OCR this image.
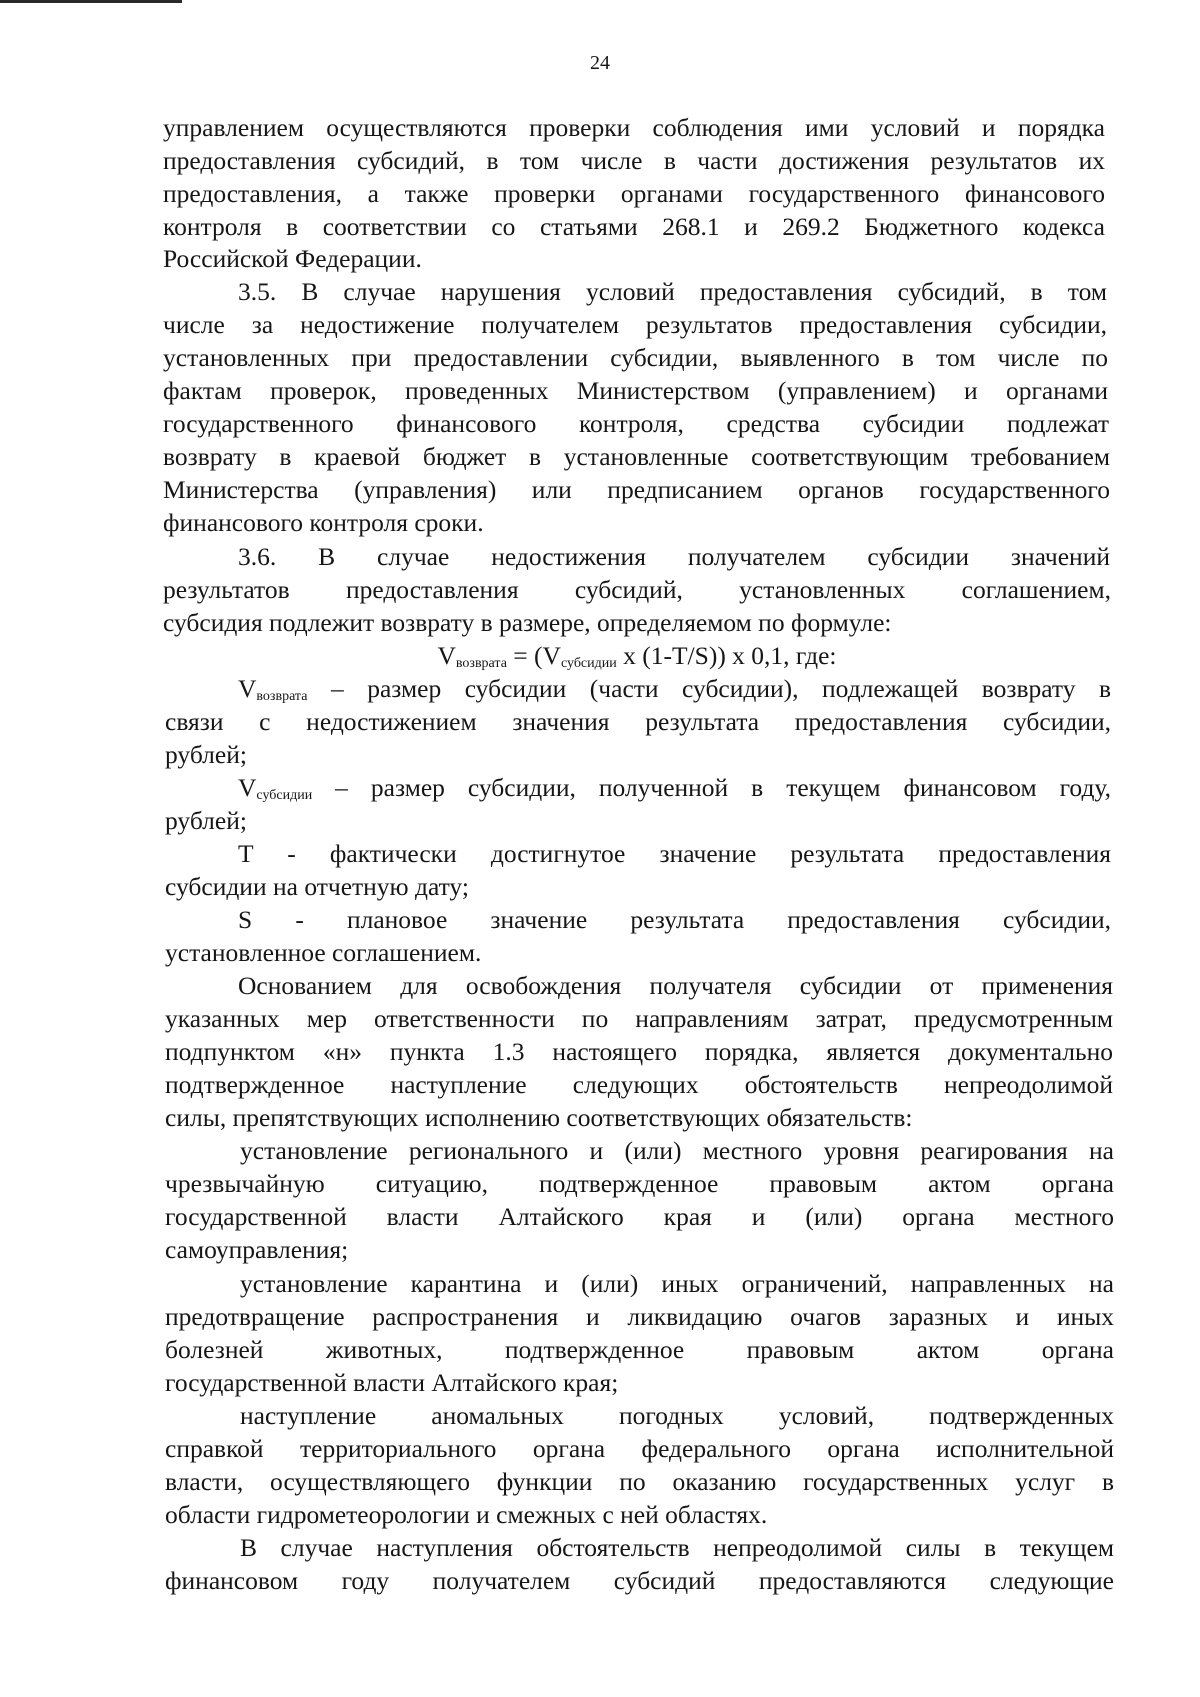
24
управлением осуществляются проверки соблюдения ими условий и порядка
предоставления субсидий, в том числе в части достижения результатов их
предоставления, а также проверки органами государственного финансового
контроля в соответствии со статьями 268.1 и 269.2 Бюджетного кодекса
Российской Федерации.
3.5. В случае нарушения условий предоставления субсидий, в том
числе за недостижение получателем результатов предоставления субсидии,
установленных при предоставлении субсидии, выявленного в том числе по
фактам проверок, проведенных Министерством (управлением) и органами
государственного финансового контроля, средства субсидии подлежат
возврату в краевой бюджет в установленные соответствующим требованием
Министерства (управления) или предписанием органов государственного
финансового контроля сроки.
3.6. В случае недостижения получателем субсидии значений
результатов предоставления субсидий, установленных соглашением,
субсидия подлежит возврату в размере, определяемом по формуле:
$V_{возврата} = (V_{субсидии}$ x (1-T/S)) x 0,1, где:
$V_{возврата}$ – размер субсидии (части субсидии), подлежащей возврату в
связи с недостижением значения результата предоставления субсидии,
рублей;
$V_{субсидии}$ – размер субсидии, полученной в текущем финансовом году,
рублей;
T - фактически достигнутое значение результата предоставления
субсидии на отчетную дату;
S - плановое значение результата предоставления субсидии,
установленное соглашением.
Основанием для освобождения получателя субсидии от применения
указанных мер ответственности по направлениям затрат, предусмотренным
подпунктом «н» пункта 1.3 настоящего порядка, является документально
подтвержденное наступление следующих обстоятельств непреодолимой
силы, препятствующих исполнению соответствующих обязательств:
установление регионального и (или) местного уровня реагирования на
чрезвычайную ситуацию, подтвержденное правовым актом органа
государственной власти Алтайского края и (или) органа местного
самоуправления;
установление карантина и (или) иных ограничений, направленных на
предотвращение распространения и ликвидацию очагов заразных и иных
болезней животных, подтвержденное правовым актом органа
государственной власти Алтайского края;
наступление аномальных погодных условий, подтвержденных
справкой территориального органа федерального органа исполнительной
власти, осуществляющего функции по оказанию государственных услуг в
области гидрометеорологии и смежных с ней областях.
В случае наступления обстоятельств непреодолимой силы в текущем
финансовом году получателем субсидий предоставляются следующие
